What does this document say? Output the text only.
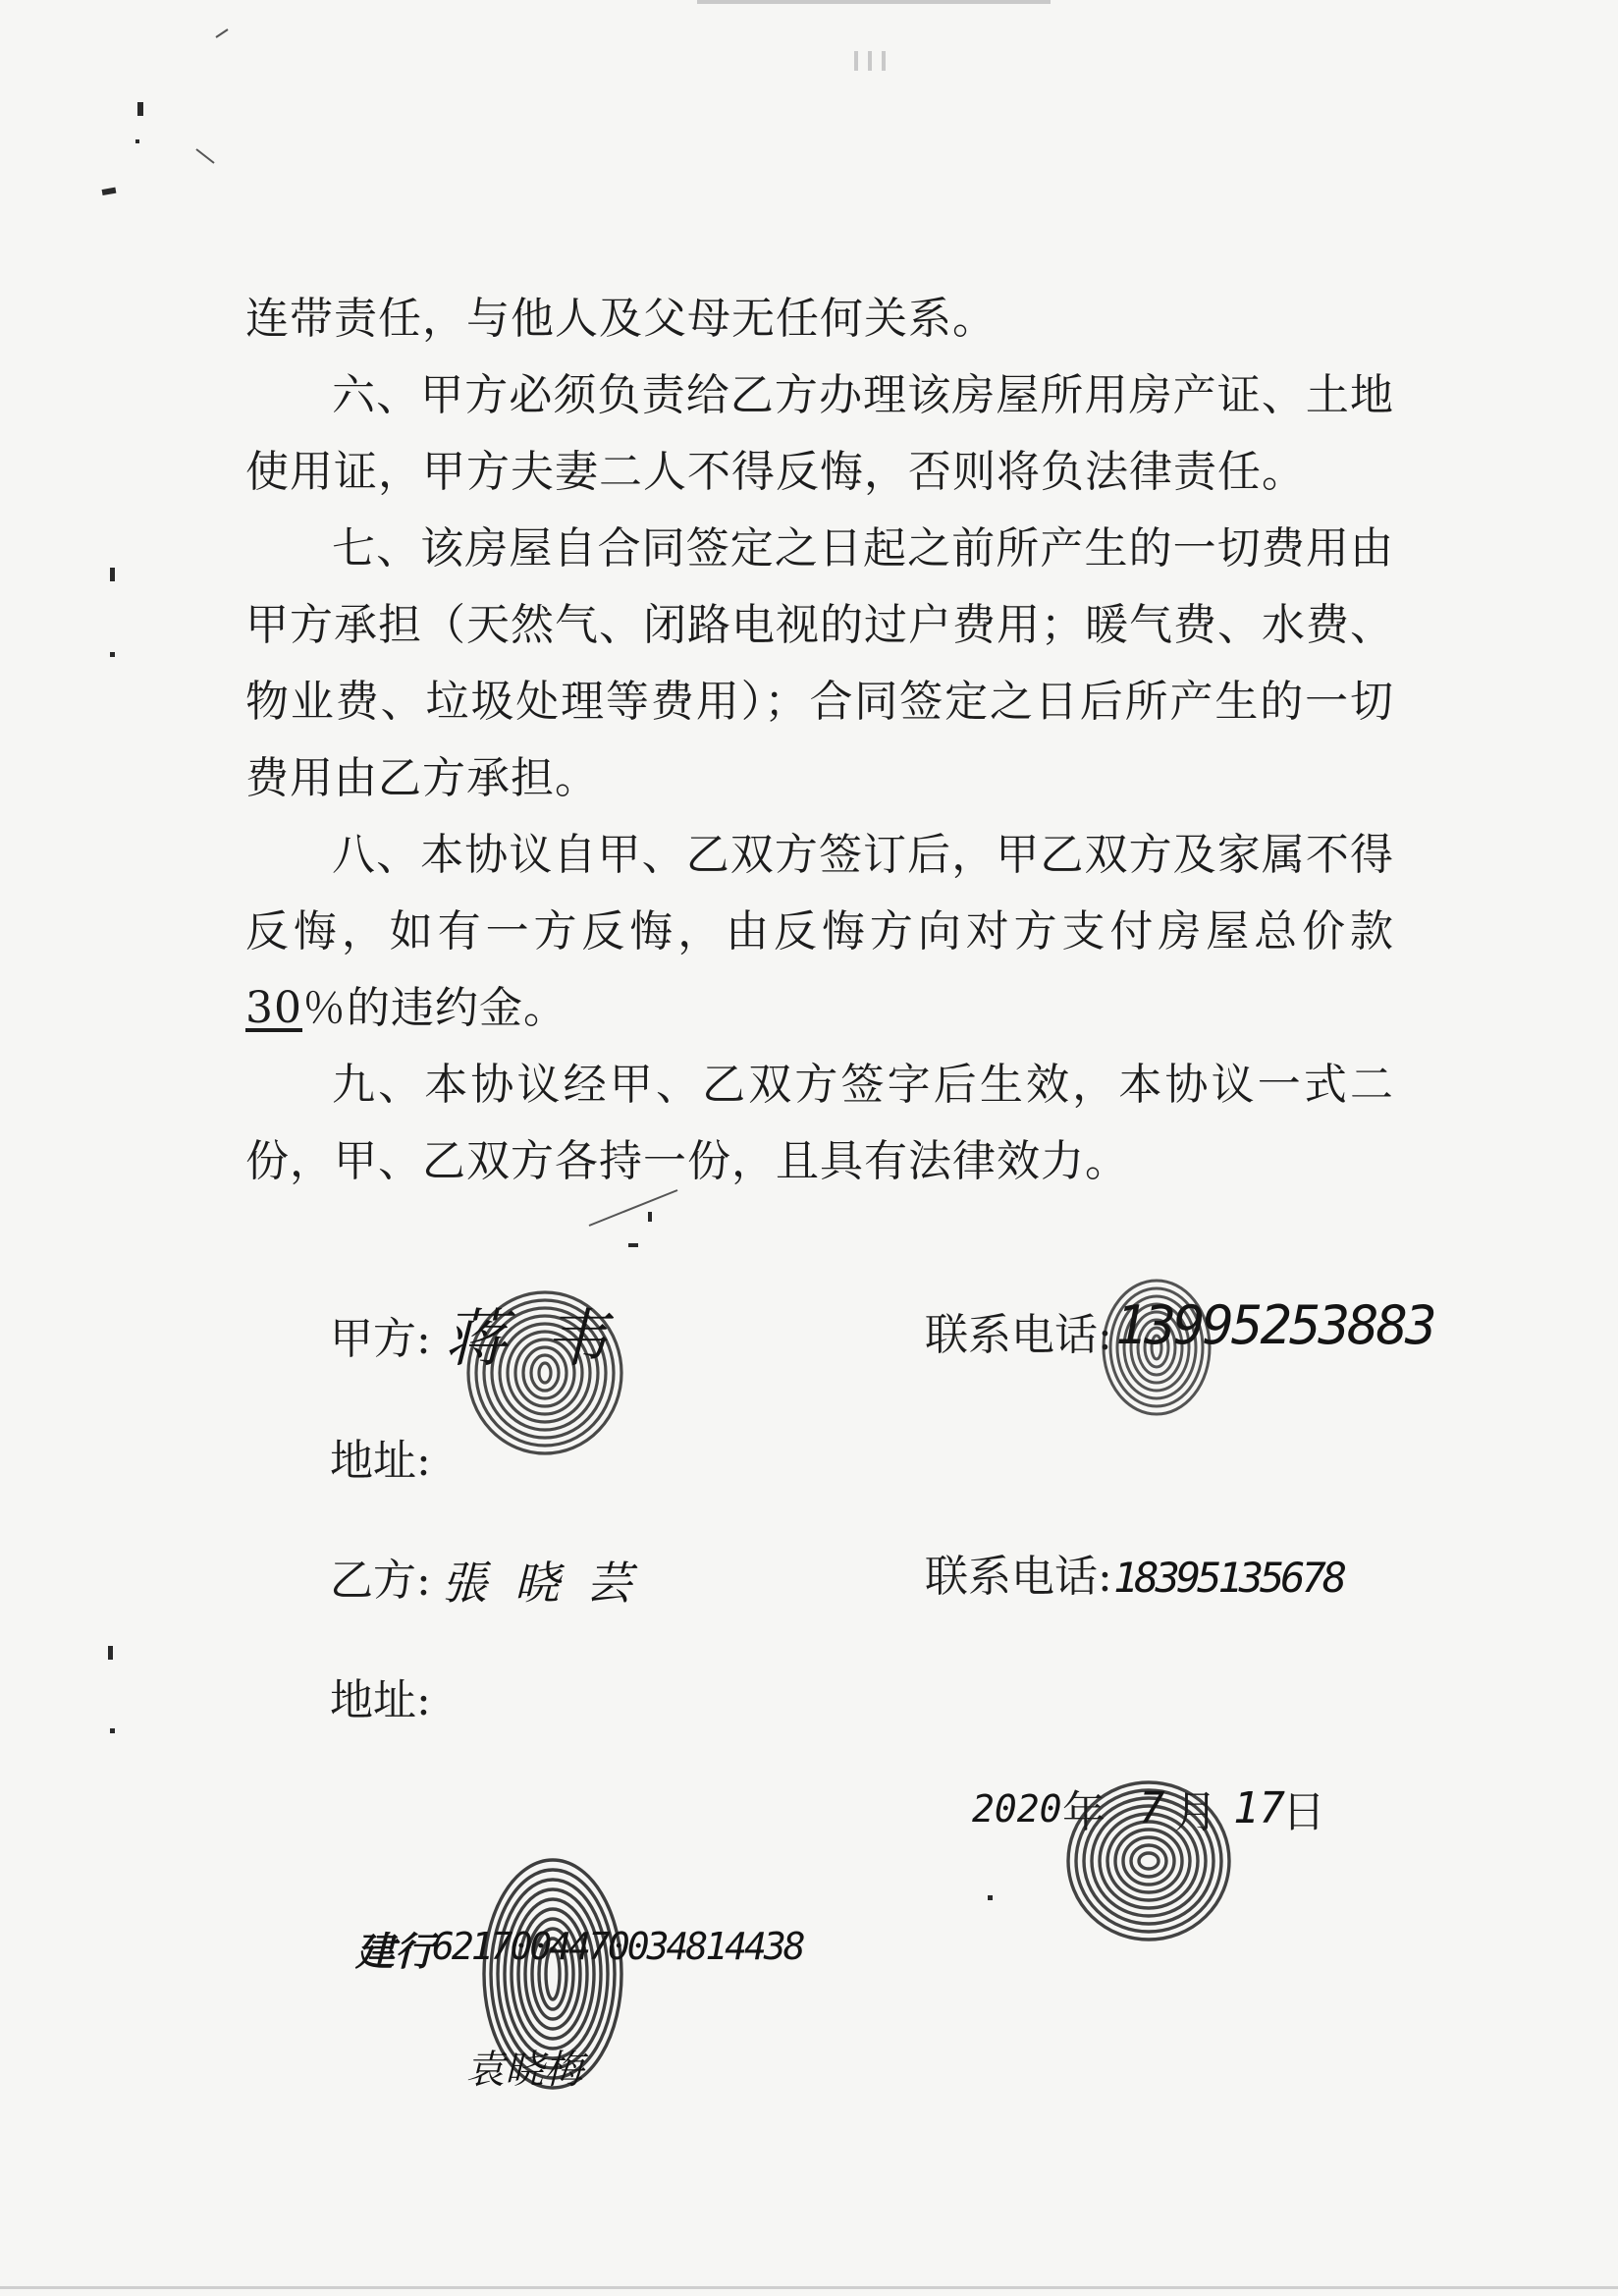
连带责任，与他人及父母无任何关系。

六、甲方必须负责给乙方办理该房屋所用房产证、土地使用证，甲方夫妻二人不得反悔，否则将负法律责任。

七、该房屋自合同签定之日起之前所产生的一切费用由甲方承担（天然气、闭路电视的过户费用；暖气费、水费、物业费、垃圾处理等费用）；合同签定之日后所产生的一切费用由乙方承担。

八、本协议自甲、乙双方签订后，甲乙双方及家属不得反悔，如有一方反悔，由反悔方向对方支付房屋总价款30％的违约金。

九、本协议经甲、乙双方签字后生效，本协议一式二份，甲、乙双方各持一份，且具有法律效力。

甲方: 蒋 韦	联系电话: 13995253883
地址:
乙方: 張 晓 芸	联系电话: 18395135678
地址:
2020 年 7 月 17
日
建行
6217004470034814438
袁晓梅
